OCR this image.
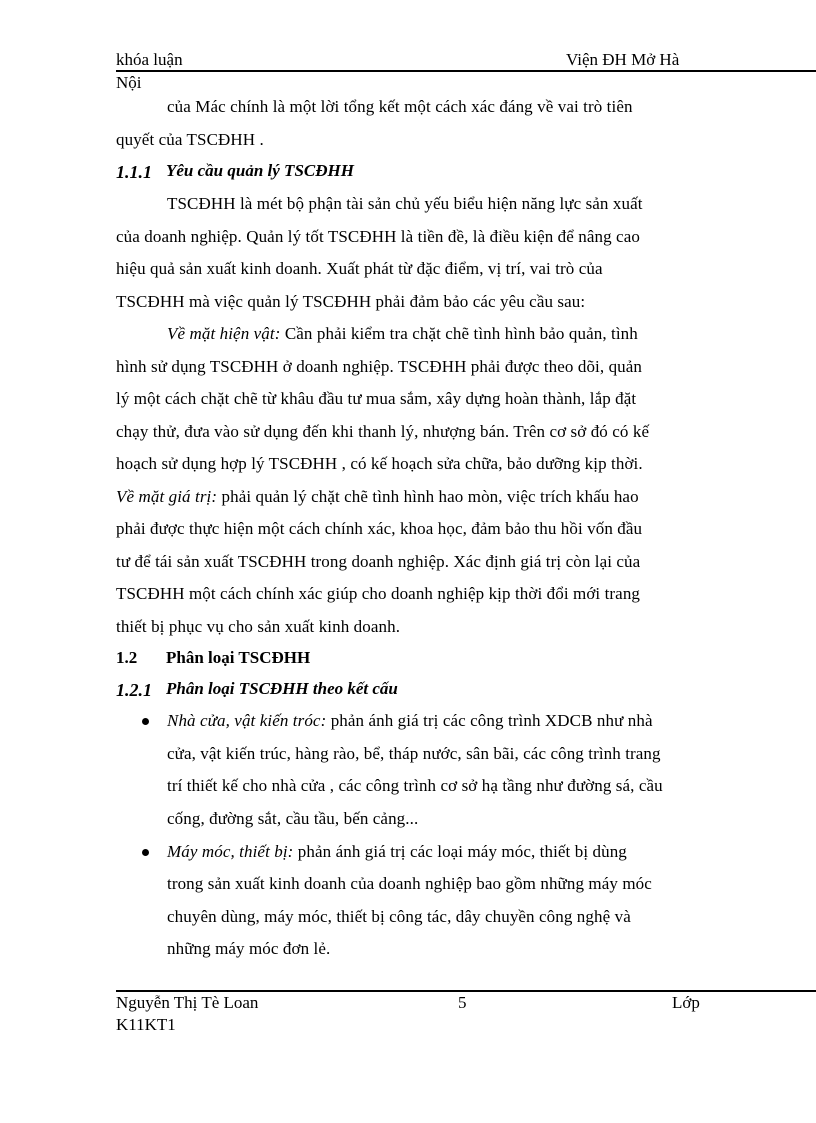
khóa luận	Viện ĐH Mở Hà
Nội
của Mác chính là một lời tổng kết một cách xác đáng về vai trò tiên
quyết của TSCĐHH .
1.1.1 Yêu cầu quản lý TSCĐHH
TSCĐHH là mét bộ phận tài sản chủ yếu biểu hiện năng lực sản xuất
của doanh nghiệp. Quản lý tốt TSCĐHH là tiền đề, là điều kiện để nâng cao
hiệu quả sản xuất kinh doanh. Xuất phát từ đặc điểm, vị trí, vai trò của
TSCĐHH mà việc quản lý TSCĐHH phải đảm bảo các yêu cầu sau:
Về mặt hiện vật: Cần phải kiểm tra chặt chẽ tình hình bảo quản, tình
hình sử dụng TSCĐHH ở doanh nghiệp. TSCĐHH phải được theo dõi, quản
lý một cách chặt chẽ từ khâu đầu tư mua sắm, xây dựng hoàn thành, lắp đặt
chạy thử, đưa vào sử dụng đến khi thanh lý, nhượng bán. Trên cơ sở đó có kế
hoạch sử dụng hợp lý TSCĐHH , có kế hoạch sửa chữa, bảo dưỡng kịp thời.
Về mặt giá trị: phải quản lý chặt chẽ tình hình hao mòn, việc trích khấu hao
phải được thực hiện một cách chính xác, khoa học, đảm bảo thu hồi vốn đầu
tư để tái sản xuất TSCĐHH trong doanh nghiệp. Xác định giá trị còn lại của
TSCĐHH một cách chính xác giúp cho doanh nghiệp kịp thời đổi mới trang
thiết bị phục vụ cho sản xuất kinh doanh.
1.2 Phân loại TSCĐHH
1.2.1 Phân loại TSCĐHH theo kết cấu
Nhà cửa, vật kiến tróc: phản ánh giá trị các công trình XDCB như nhà
cửa, vật kiến trúc, hàng rào, bể, tháp nước, sân bãi, các công trình trang
trí thiết kế cho nhà cửa , các công trình cơ sở hạ tầng như đường sá, cầu
cống, đường sắt, cầu tầu, bến cảng...
Máy móc, thiết bị: phản ánh giá trị các loại máy móc, thiết bị dùng
trong sản xuất kinh doanh của doanh nghiệp bao gồm những máy móc
chuyên dùng, máy móc, thiết bị công tác, dây chuyền công nghệ và
những máy móc đơn lẻ.
Nguyễn Thị Tè Loan	5	Lớp
K11KT1
